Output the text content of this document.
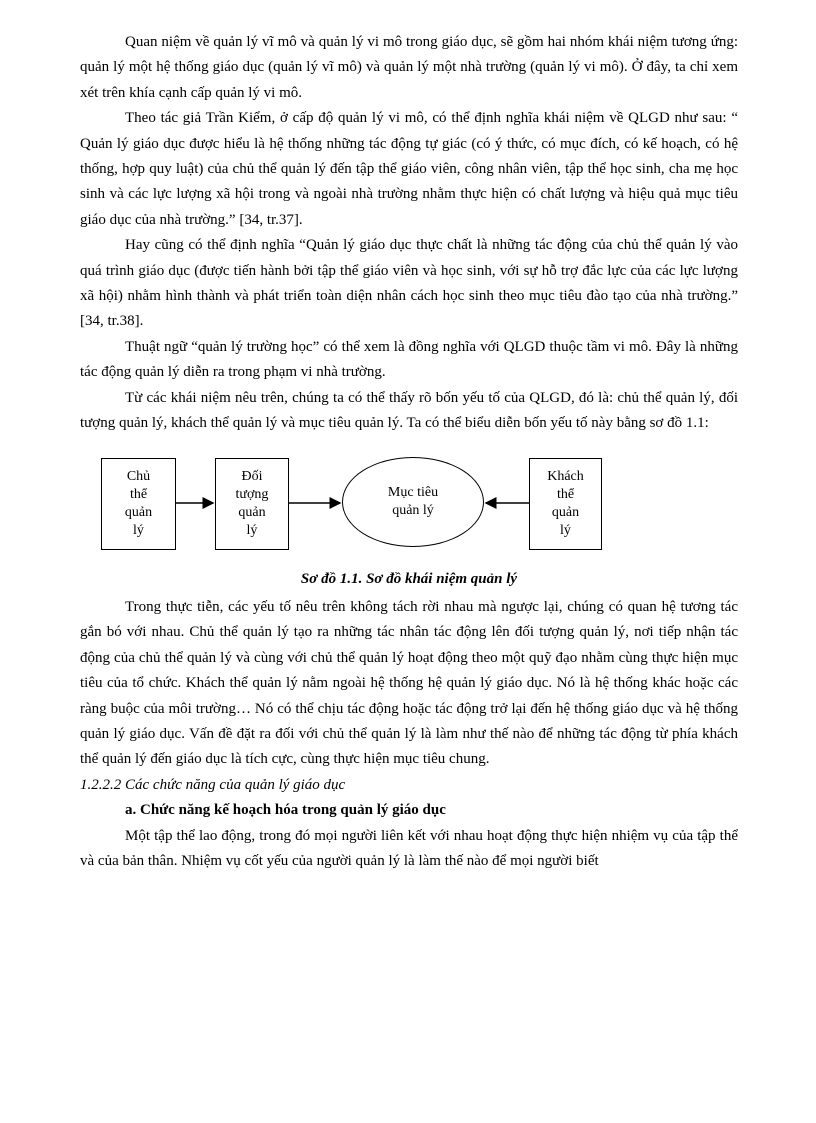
Quan niệm về quản lý vĩ mô và quản lý vi mô trong giáo dục, sẽ gồm hai nhóm khái niệm tương ứng: quản lý một hệ thống giáo dục (quản lý vĩ mô) và quản lý một nhà trường (quản lý vi mô). Ở đây, ta chỉ xem xét trên khía cạnh cấp quản lý vi mô.

Theo tác giả Trần Kiểm, ở cấp độ quản lý vi mô, có thể định nghĩa khái niệm về QLGD như sau: “ Quản lý giáo dục được hiểu là hệ thống những tác động tự giác (có ý thức, có mục đích, có kế hoạch, có hệ thống, hợp quy luật) của chủ thể quản lý đến tập thể giáo viên, công nhân viên, tập thể học sinh, cha mẹ học sinh và các lực lượng xã hội trong và ngoài nhà trường nhằm thực hiện có chất lượng và hiệu quả mục tiêu giáo dục của nhà trường.” [34, tr.37].

Hay cũng có thể định nghĩa “Quản lý giáo dục thực chất là những tác động của chủ thể quản lý vào quá trình giáo dục (được tiến hành bởi tập thể giáo viên và học sinh, với sự hỗ trợ đắc lực của các lực lượng xã hội) nhằm hình thành và phát triển toàn diện nhân cách học sinh theo mục tiêu đào tạo của nhà trường.” [34, tr.38].

Thuật ngữ “quản lý trường học” có thể xem là đồng nghĩa với QLGD thuộc tầm vi mô. Đây là những tác động quản lý diễn ra trong phạm vi nhà trường.

Từ các khái niệm nêu trên, chúng ta có thể thấy rõ bốn yếu tố của QLGD, đó là: chủ thể quản lý, đối tượng quản lý, khách thể quản lý và mục tiêu quản lý. Ta có thể biểu diễn bốn yếu tố này bằng sơ đồ 1.1:

Chủ
thể
quản
lý
Đối
tượng
quản
lý
Mục tiêu
quản lý
Khách
thể
quản
lý

Sơ đồ 1.1. Sơ đồ khái niệm quản lý

Trong thực tiễn, các yếu tố nêu trên không tách rời nhau mà ngược lại, chúng có quan hệ tương tác gắn bó với nhau. Chủ thể quản lý tạo ra những tác nhân tác động lên đối tượng quản lý, nơi tiếp nhận tác động của chủ thể quản lý và cùng với chủ thể quản lý hoạt động theo một quỹ đạo nhằm cùng thực hiện mục tiêu của tổ chức. Khách thể quản lý nằm ngoài hệ thống hệ quản lý giáo dục. Nó là hệ thống khác hoặc các ràng buộc của môi trường… Nó có thể chịu tác động hoặc tác động trở lại đến hệ thống giáo dục và hệ thống quản lý giáo dục. Vấn đề đặt ra đối với chủ thể quản lý là làm như thế nào để những tác động từ phía khách thể quản lý đến giáo dục là tích cực, cùng thực hiện mục tiêu chung.

1.2.2.2 Các chức năng của quản lý giáo dục

a. Chức năng kế hoạch hóa trong quản lý giáo dục

Một tập thể lao động, trong đó mọi người liên kết với nhau hoạt động thực hiện nhiệm vụ của tập thể và của bản thân. Nhiệm vụ cốt yếu của người quản lý là làm thế nào để mọi người biết
